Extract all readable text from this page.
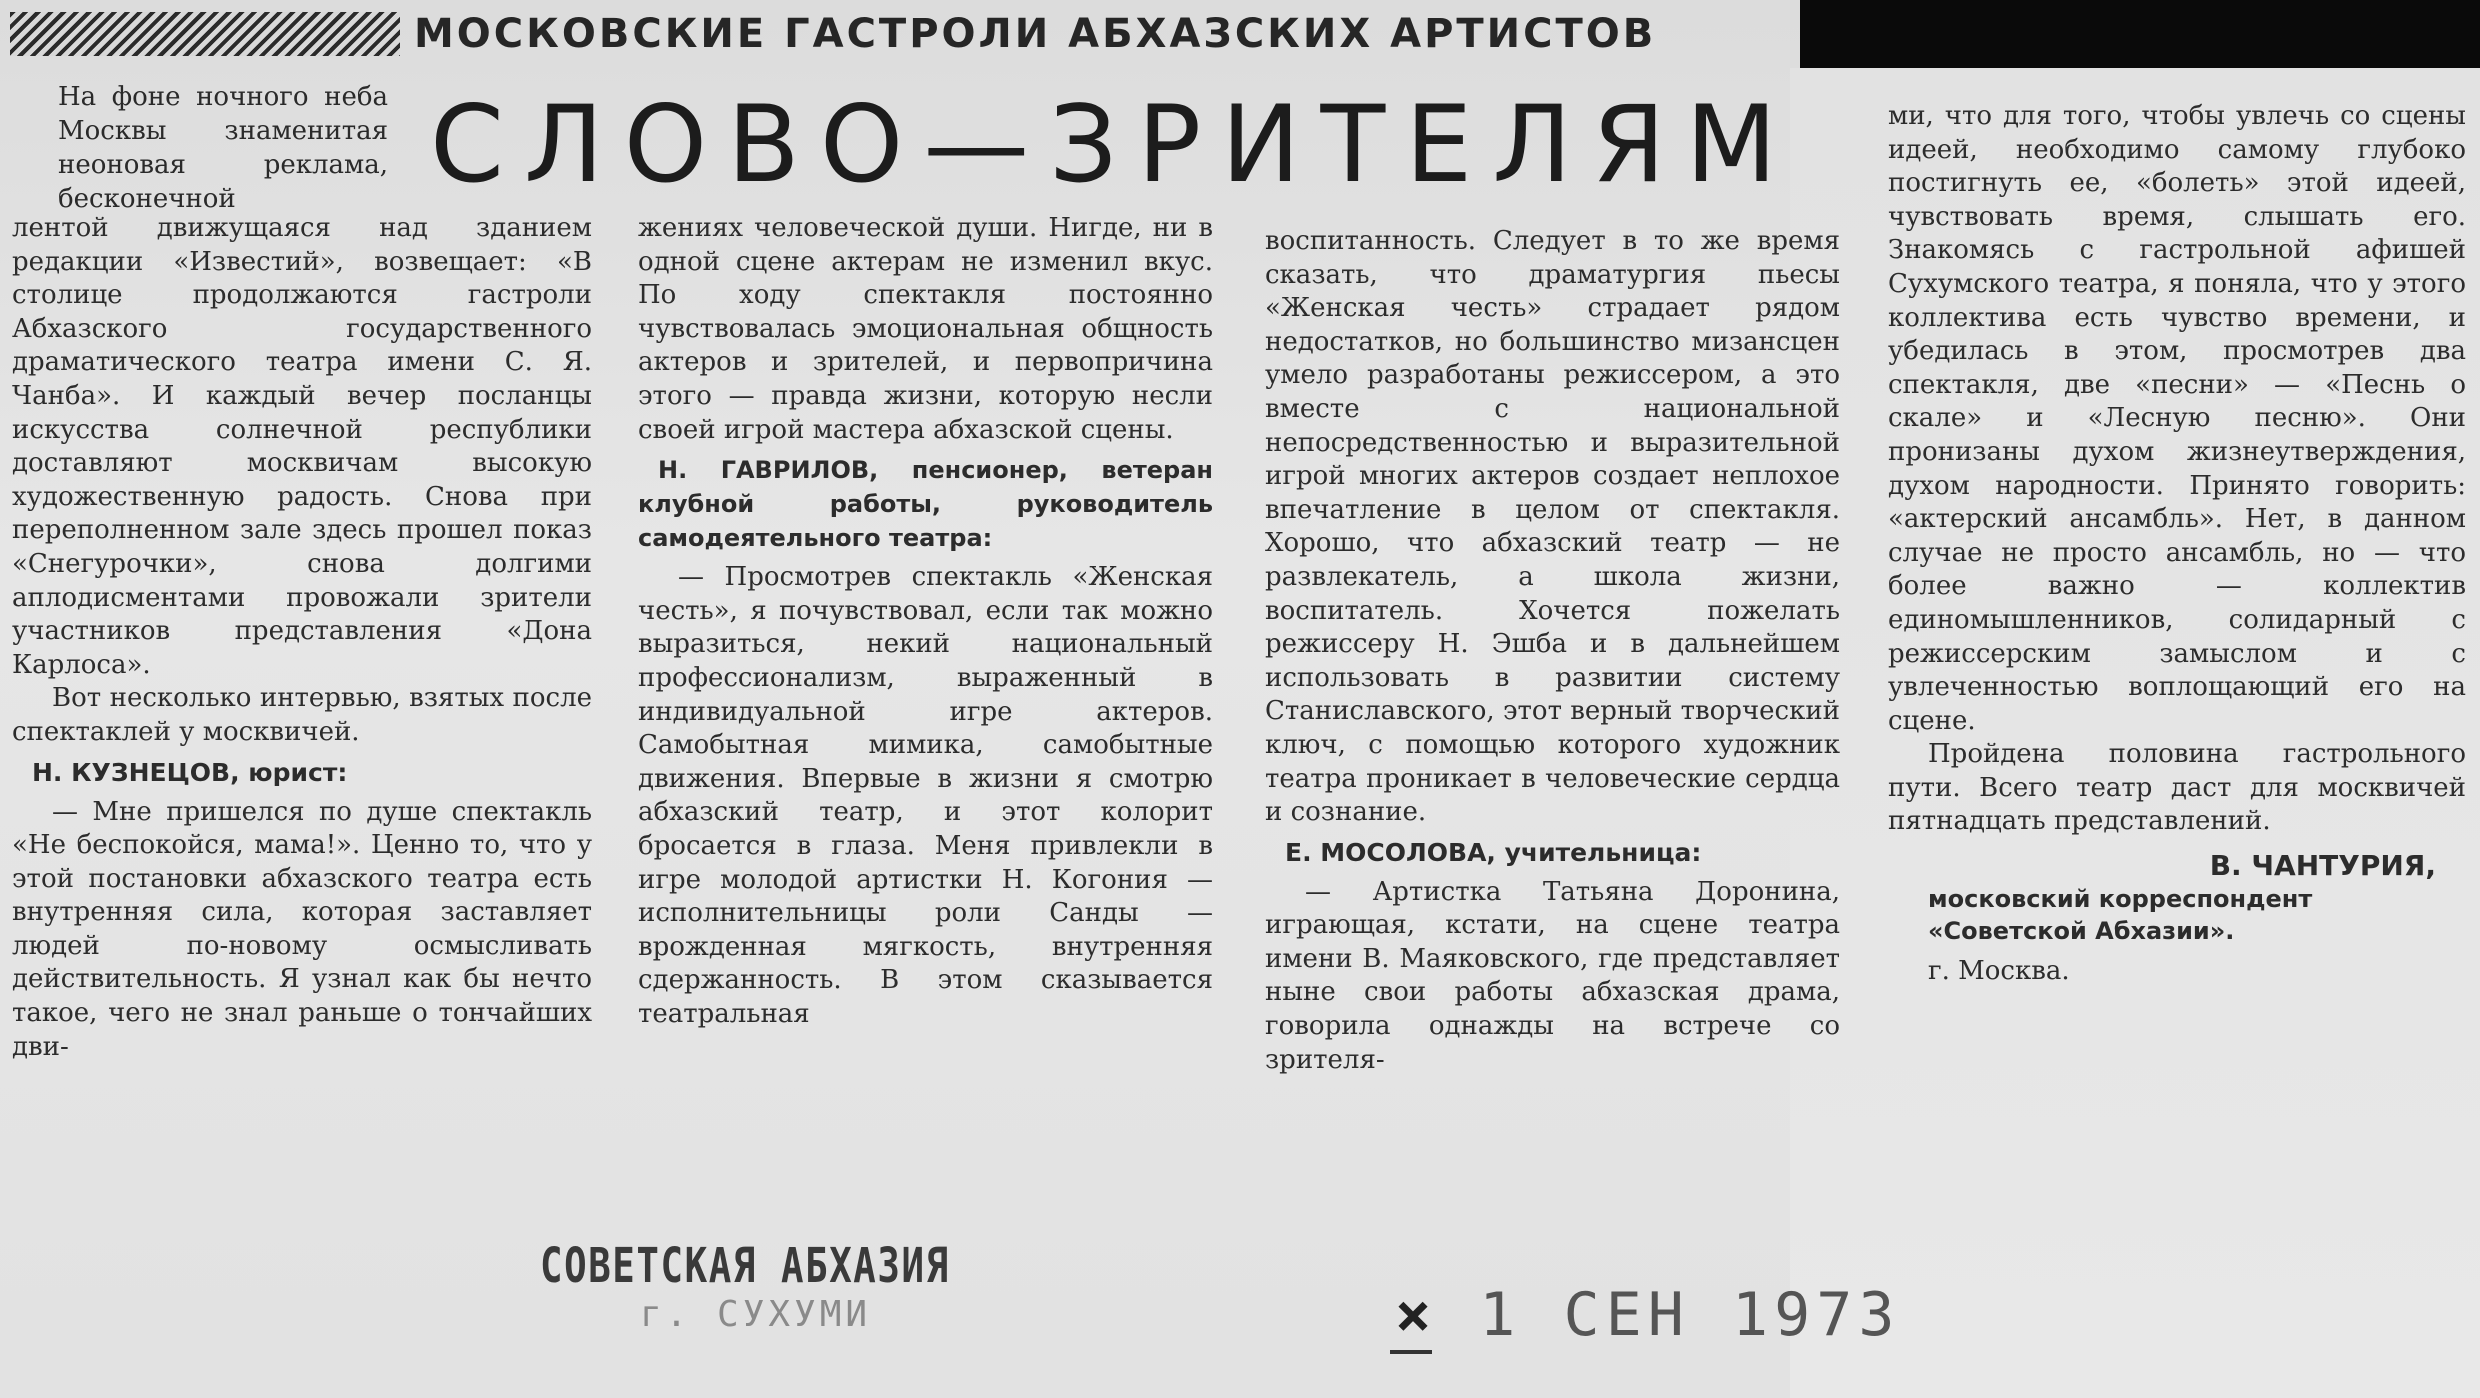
МОСКОВСКИЕ ГАСТРОЛИ АБХАЗСКИХ АРТИСТОВ
СЛОВО—ЗРИТЕЛЯМ
На фоне ночного неба Москвы знаменитая неоновая реклама, бесконечной

лентой движущаяся над зданием редакции «Известий», возвещает: «В столице продолжаются гастроли Абхазского государственного драматического театра имени С. Я. Чанба». И каждый вечер посланцы искусства солнечной республики доставляют москвичам высокую художественную радость. Снова при переполненном зале здесь прошел показ «Снегурочки», снова долгими аплодисментами провожали зрители участников представления «Дона Карлоса».

Вот несколько интервью, взятых после спектаклей у москвичей.

Н. КУЗНЕЦОВ, юрист:

— Мне пришелся по душе спектакль «Не беспокойся, мама!». Ценно то, что у этой постановки абхазского театра есть внутренняя сила, которая заставляет людей по-новому осмысливать действительность. Я узнал как бы нечто такое, чего не знал раньше о тончайших дви-

жениях человеческой души. Нигде, ни в одной сцене актерам не изменил вкус. По ходу спектакля постоянно чувствовалась эмоциональная общность актеров и зрителей, и первопричина этого — правда жизни, которую несли своей игрой мастера абхазской сцены.

Н. ГАВРИЛОВ, пенсионер, ветеран клубной работы, руководитель самодеятельного театра:

— Просмотрев спектакль «Женская честь», я почувствовал, если так можно выразиться, некий национальный профессионализм, выраженный в индивидуальной игре актеров. Самобытная мимика, самобытные движения. Впервые в жизни я смотрю абхазский театр, и этот колорит бросается в глаза. Меня привлекли в игре молодой артистки Н. Когония — исполнительницы роли Санды — врожденная мягкость, внутренняя сдержанность. В этом сказывается театральная

воспитанность. Следует в то же время сказать, что драматургия пьесы «Женская честь» страдает рядом недостатков, но большинство мизансцен умело разработаны режиссером, а это вместе с национальной непосредственностью и выразительной игрой многих актеров создает неплохое впечатление в целом от спектакля. Хорошо, что абхазский театр — не развлекатель, а школа жизни, воспитатель. Хочется пожелать режиссеру Н. Эшба и в дальнейшем использовать в развитии систему Станиславского, этот верный творческий ключ, с помощью которого художник театра проникает в человеческие сердца и сознание.

Е. МОСОЛОВА, учительница:

— Артистка Татьяна Доронина, играющая, кстати, на сцене театра имени В. Маяковского, где представляет ныне свои работы абхазская драма, говорила однажды на встрече со зрителя-

ми, что для того, чтобы увлечь со сцены идеей, необходимо самому глубоко постигнуть ее, «болеть» этой идеей, чувствовать время, слышать его. Знакомясь с гастрольной афишей Сухумского театра, я поняла, что у этого коллектива есть чувство времени, и убедилась в этом, просмотрев два спектакля, две «песни» — «Песнь о скале» и «Лесную песню». Они пронизаны духом жизнеутверждения, духом народности. Принято говорить: «актерский ансамбль». Нет, в данном случае не просто ансамбль, но — что более важно — коллектив единомышленников, солидарный с режиссерским замыслом и с увлеченностью воплощающий его на сцене.

Пройдена половина гастрольного пути. Всего театр даст для москвичей пятнадцать представлений.

В. ЧАНТУРИЯ,
московский корреспондент
«Советской Абхазии».
г. Москва.
СОВЕТСКАЯ АБХАЗИЯ
г. СУХУМИ	× 1 СЕН 1973
